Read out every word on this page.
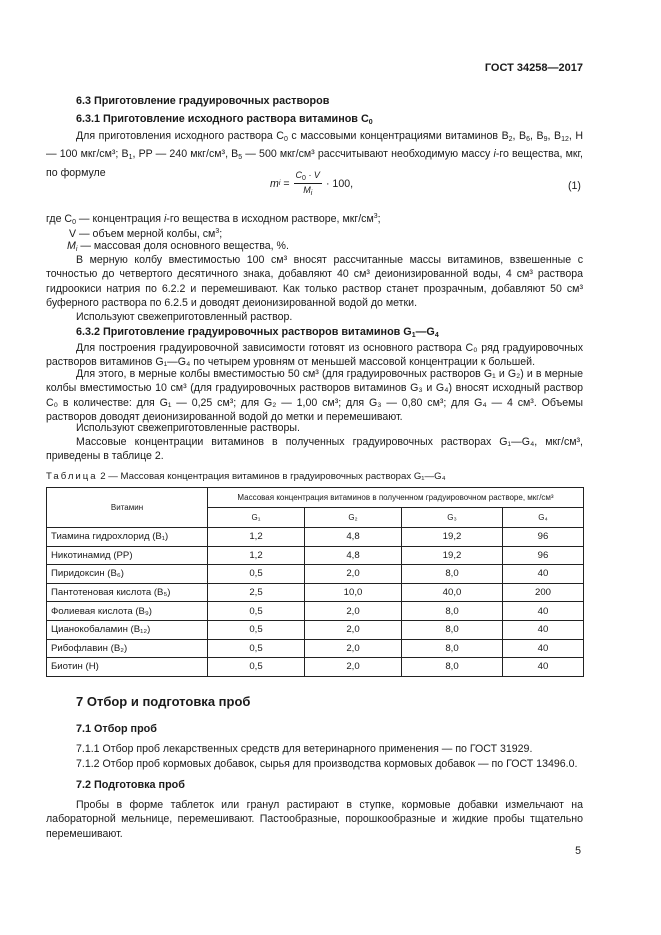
ГОСТ 34258—2017
6.3 Приготовление градуировочных растворов
6.3.1 Приготовление исходного раствора витаминов $C_0$
Для приготовления исходного раствора $C_0$ с массовыми концентрациями витаминов $B_2$, $B_6$, $B_9$, $B_{12}$, H — 100 мкг/см³; $B_1$, PP — 240 мкг/см³, $B_5$ — 500 мкг/см³ рассчитывают необходимую массу i-го вещества, мкг, по формуле
m $i = \frac{C_0 \cdot V}{M_i} \cdot 100$,	(1)
где $C_0$ — концентрация i-го вещества в исходном растворе, мкг/$см^3$;
V — объем мерной колбы, $см^3$;
$M_i$ — массовая доля основного вещества, %.
В мерную колбу вместимостью 100 см³ вносят рассчитанные массы витаминов, взвешенные с точностью до четвертого десятичного знака, добавляют 40 см³ деионизированной воды, 4 см³ раствора гидроокиси натрия по 6.2.2 и перемешивают. Как только раствор станет прозрачным, добавляют 50 см³ буферного раствора по 6.2.5 и доводят деионизированной водой до метки.
Используют свежеприготовленный раствор.
6.3.2 Приготовление градуировочных растворов витаминов $G_1—G_4$
Для построения градуировочной зависимости готовят из основного раствора C₀ ряд градуировочных растворов витаминов G₁—G₄ по четырем уровням от меньшей массовой концентрации к большей.
Для этого, в мерные колбы вместимостью 50 см³ (для градуировочных растворов G₁ и G₂) и в мерные колбы вместимостью 10 см³ (для градуировочных растворов витаминов G₃ и G₄) вносят исходный раствор C₀ в количестве: для G₁ — 0,25 см³; для G₂ — 1,00 см³; для G₃ — 0,80 см³; для G₄ — 4 см³. Объемы растворов доводят деионизированной водой до метки и перемешивают.
Используют свежеприготовленные растворы.
Массовые концентрации витаминов в полученных градуировочных растворах G₁—G₄, мкг/см³, приведены в таблице 2.
Таблица 2 — Массовая концентрация витаминов в градуировочных растворах G₁—G₄
Витамин	Массовая концентрация витаминов в полученном градуировочном растворе, мкг/см³			
	G₁	G₂	G₃	G₄
Тиамина гидрохлорид (B₁)	1,2	4,8	19,2	96
Никотинамид (PP)	1,2	4,8	19,2	96
Пиридоксин (B₆)	0,5	2,0	8,0	40
Пантотеновая кислота (B₅)	2,5	10,0	40,0	200
Фолиевая кислота (B₉)	0,5	2,0	8,0	40
Цианокобаламин (B₁₂)	0,5	2,0	8,0	40
Рибофлавин (B₂)	0,5	2,0	8,0	40
Биотин (H)	0,5	2,0	8,0	40
7 Отбор и подготовка проб
7.1 Отбор проб
7.1.1 Отбор проб лекарственных средств для ветеринарного применения — по ГОСТ 31929.
7.1.2 Отбор проб кормовых добавок, сырья для производства кормовых добавок — по ГОСТ 13496.0.
7.2 Подготовка проб
Пробы в форме таблеток или гранул растирают в ступке, кормовые добавки измельчают на лабораторной мельнице, перемешивают. Пастообразные, порошкообразные и жидкие пробы тщательно перемешивают.
5
